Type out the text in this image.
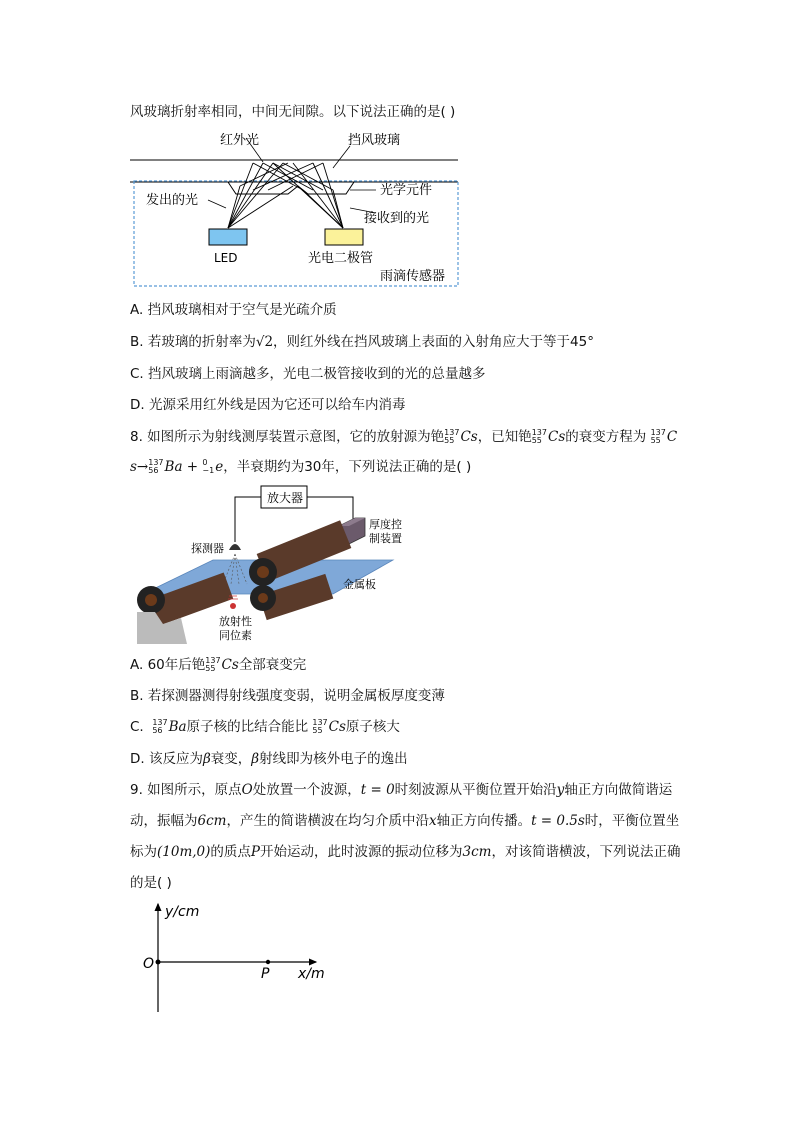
风玻璃折射率相同，中间无间隙。以下说法正确的是( )
红外光	挡风玻璃
发出的光
光学元件
接收到的光
LED	光电二极管
雨滴传感器
A. 挡风玻璃相对于空气是光疏介质
B. 若玻璃的折射率为√2，则红外线在挡风玻璃上表面的入射角应大于等于45°
C. 挡风玻璃上雨滴越多，光电二极管接收到的光的总量越多
D. 光源采用红外线是因为它还可以给车内消毒
8. 如图所示为射线测厚装置示意图，它的放射源为铯 137
55 Cs，已知铯 137
55 Cs的衰变方程为 137
55 C
s→ 137
56 Ba + 0
−1 e，半衰期约为30年，下列说法正确的是( )
放大器
厚度控
制装置
探测器
金属板
放射性
同位素
A. 60年后铯 137
55 Cs全部衰变完
B. 若探测器测得射线强度变弱，说明金属板厚度变薄
C. 137
56 Ba原子核的比结合能比 137
55 Cs原子核大
D. 该反应为β衰变，β射线即为核外电子的逸出
9. 如图所示，原点O处放置一个波源，t = 0时刻波源从平衡位置开始沿y轴正方向做简谐运
动，振幅为6cm，产生的简谐横波在均匀介质中沿x轴正方向传播。t = 0.5s时，平衡位置坐
标为(10m,0)的质点P开始运动，此时波源的振动位移为3cm，对该简谐横波，下列说法正确
的是( )
y/cm
O
P x/m
